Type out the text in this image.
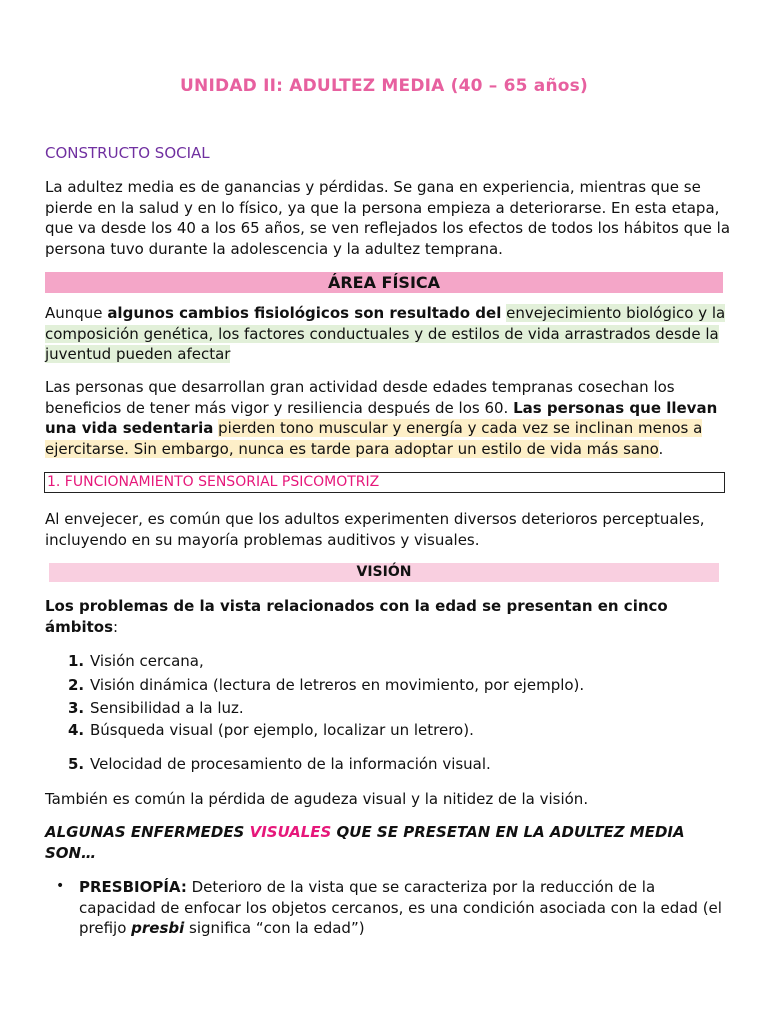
UNIDAD II: ADULTEZ MEDIA (40 – 65 años)
CONSTRUCTO SOCIAL
La adultez media es de ganancias y pérdidas. Se gana en experiencia, mientras que se pierde en la salud y en lo físico, ya que la persona empieza a deteriorarse. En esta etapa, que va desde los 40 a los 65 años, se ven reflejados los efectos de todos los hábitos que la persona tuvo durante la adolescencia y la adultez temprana.
ÁREA FÍSICA
Aunque algunos cambios fisiológicos son resultado del envejecimiento biológico y la composición genética, los factores conductuales y de estilos de vida arrastrados desde la juventud pueden afectar
Las personas que desarrollan gran actividad desde edades tempranas cosechan los beneficios de tener más vigor y resiliencia después de los 60. Las personas que llevan una vida sedentaria pierden tono muscular y energía y cada vez se inclinan menos a ejercitarse. Sin embargo, nunca es tarde para adoptar un estilo de vida más sano.
1. FUNCIONAMIENTO SENSORIAL PSICOMOTRIZ
Al envejecer, es común que los adultos experimenten diversos deterioros perceptuales, incluyendo en su mayoría problemas auditivos y visuales.
VISIÓN
Los problemas de la vista relacionados con la edad se presentan en cinco ámbitos:
1. Visión cercana,
2. Visión dinámica (lectura de letreros en movimiento, por ejemplo).
3. Sensibilidad a la luz.
4. Búsqueda visual (por ejemplo, localizar un letrero).
5. Velocidad de procesamiento de la información visual.
También es común la pérdida de agudeza visual y la nitidez de la visión.
ALGUNAS ENFERMEDES VISUALES QUE SE PRESETAN EN LA ADULTEZ MEDIA SON…
• PRESBIOPÍA: Deterioro de la vista que se caracteriza por la reducción de la capacidad de enfocar los objetos cercanos, es una condición asociada con la edad (el prefijo presbi significa “con la edad”)
